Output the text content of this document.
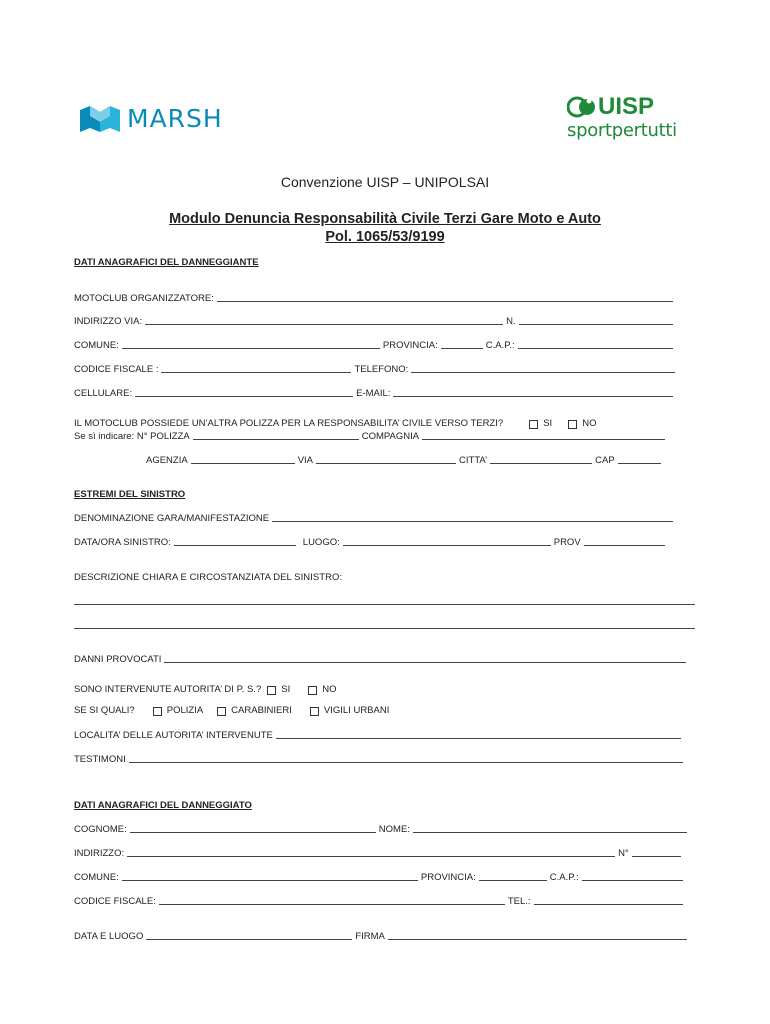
MARSH	UISP
sportpertutti
Convenzione UISP – UNIPOLSAI
Modulo Denuncia Responsabilità Civile Terzi Gare Moto e Auto
Pol. 1065/53/9199
DATI ANAGRAFICI DEL DANNEGGIANTE
MOTOCLUB ORGANIZZATORE:
INDIRIZZO VIA:	N.
COMUNE:	PROVINCIA:	C.A.P.:
CODICE FISCALE :	TELEFONO:
CELLULARE:	E-MAIL:
IL MOTOCLUB POSSIEDE UN’ALTRA POLIZZA PER LA RESPONSABILITA’ CIVILE VERSO TERZI?	SI	NO
Se sì indicare: N° POLIZZA	COMPAGNIA
AGENZIA	VIA	CITTA’	CAP
ESTREMI DEL SINISTRO
DENOMINAZIONE GARA/MANIFESTAZIONE
DATA/ORA SINISTRO:	LUOGO:	PROV
DESCRIZIONE CHIARA E CIRCOSTANZIATA DEL SINISTRO:
DANNI PROVOCATI
SONO INTERVENUTE AUTORITA’ DI P. S.? SI	NO
SE SI QUALI?	POLIZIA	CARABINIERI	VIGILI URBANI
LOCALITA’ DELLE AUTORITA’ INTERVENUTE
TESTIMONI
DATI ANAGRAFICI DEL DANNEGGIATO
COGNOME:	NOME:
INDIRIZZO:	N°
COMUNE:	PROVINCIA:	C.A.P.:
CODICE FISCALE:	TEL.:
DATA E LUOGO	FIRMA
